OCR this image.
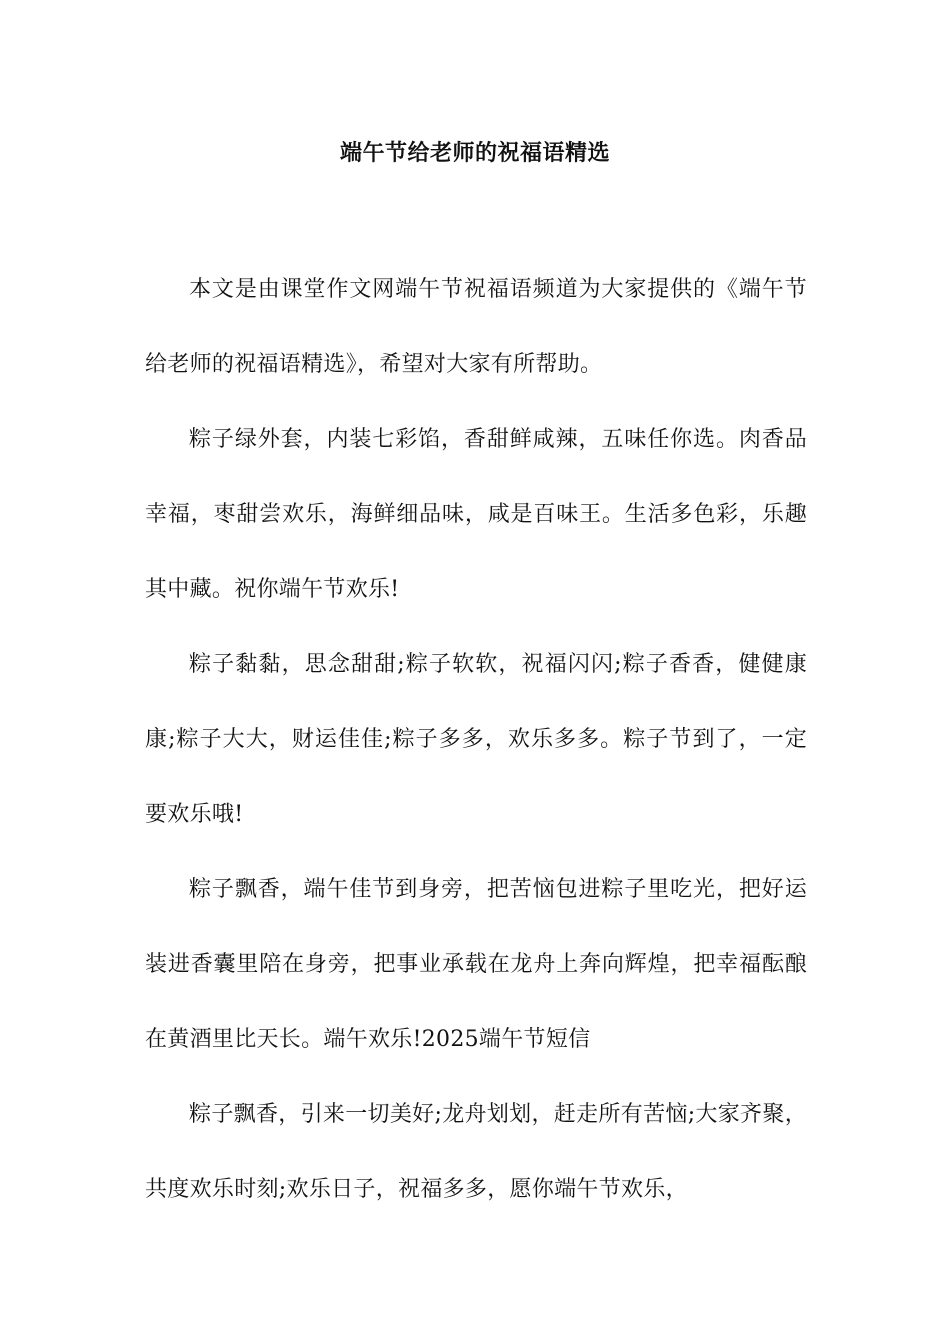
端午节给老师的祝福语精选

本文是由课堂作文网端午节祝福语频道为大家提供的《端午节给老师的祝福语精选》，希望对大家有所帮助。

粽子绿外套，内装七彩馅，香甜鲜咸辣，五味任你选。肉香品幸福，枣甜尝欢乐，海鲜细品味，咸是百味王。生活多色彩，乐趣其中藏。祝你端午节欢乐!

粽子黏黏，思念甜甜;粽子软软，祝福闪闪;粽子香香，健健康康;粽子大大，财运佳佳;粽子多多，欢乐多多。粽子节到了，一定要欢乐哦!

粽子飘香，端午佳节到身旁，把苦恼包进粽子里吃光，把好运装进香囊里陪在身旁，把事业承载在龙舟上奔向辉煌，把幸福酝酿在黄酒里比天长。端午欢乐!2025端午节短信

粽子飘香，引来一切美好;龙舟划划，赶走所有苦恼;大家齐聚，共度欢乐时刻;欢乐日子，祝福多多，愿你端午节欢乐，
